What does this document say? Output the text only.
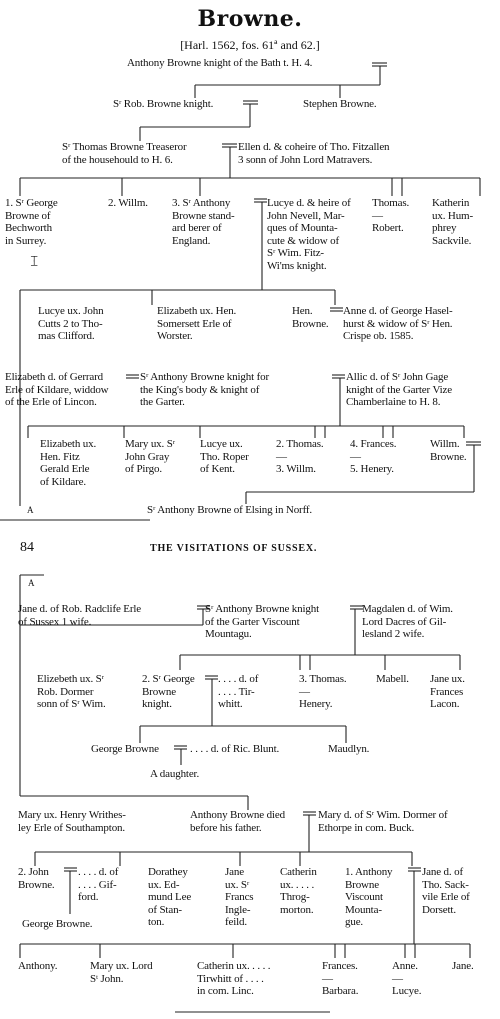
Browne.
[Harl. 1562, fos. 61ª and 62.]
Anthony Browne knight of the Bath t. H. 4.
Sʳ Rob. Browne knight.	Stephen Browne.
Sʳ Thomas Browne Treaseror
of the househould to H. 6.
Ellen d. & coheire of Tho. Fitzallen
3 sonn of John Lord Matravers.
1. Sʳ George
Browne of
Bechworth
in Surrey.
2. Willm. 3. Sʳ Anthony
Browne stand-
ard berer of
England.
Lucye d. & heire of
John Nevell, Mar-
ques of Mounta-
cute & widow of
Sʳ Wim. Fitz-
Wi'ms knight.
Thomas.
—
Robert.
Katherin
ux. Hum-
phrey
Sackvile.
┬
┴
Lucye ux. John
Cutts 2 to Tho-
mas Clifford.
Elizabeth ux. Hen.
Somersett Erle of
Worster.
Hen.
Browne.
Anne d. of George Hasel-
hurst & widow of Sʳ Hen.
Crispe ob. 1585.
Elizabeth d. of Gerrard
Erle of Kildare, widdow
of the Erle of Lincon.
Sʳ Anthony Browne knight for
the King's body & knight of
the Garter.
Allic d. of Sʳ John Gage
knight of the Garter Vize
Chamberlaine to H. 8.
Elizabeth ux.
Hen. Fitz
Gerald Erle
of Kildare.
Mary ux. Sʳ
John Gray
of Pirgo.
Lucye ux.
Tho. Roper
of Kent.
2. Thomas.
—
3. Willm.
4. Frances.
—
5. Henery.
Willm.
Browne.
A	Sʳ Anthony Browne of Elsing in Norff.
84	THE VISITATIONS OF SUSSEX.
A
Jane d. of Rob. Radclife Erle
of Sussex 1 wife.
Sʳ Anthony Browne knight
of the Garter Viscount
Mountagu.
Magdalen d. of Wim.
Lord Dacres of Gil-
lesland 2 wife.
Elizebeth ux. Sʳ
Rob. Dormer
sonn of Sʳ Wim.
2. Sʳ George
Browne
knight.
. . . . d. of
. . . . Tir-
whitt.
3. Thomas.
—
Henery.
Mabell. Jane ux.
Frances
Lacon.
George Browne	. . . . d. of Ric. Blunt.	Maudlyn.
A daughter.
Mary ux. Henry Writhes-
ley Erle of Southampton.
Anthony Browne died
before his father.
Mary d. of Sʳ Wim. Dormer of
Ethorpe in com. Buck.
2. John
Browne.
. . . . d. of
. . . . Gif-
ford.
Dorathey
ux. Ed-
mund Lee
of Stan-
ton.
Jane
ux. Sʳ
Francs
Ingle-
feild.
Catherin
ux. . . . .
Throg-
morton.
1. Anthony
Browne
Viscount
Mounta-
gue.
Jane d. of
Tho. Sack-
vile Erle of
Dorsett.
George Browne.
Anthony.	Mary ux. Lord
Sᵗ John.
Catherin ux. . . . .
Tirwhitt of . . . .
in com. Linc.
Frances.
—
Barbara.
Anne.
—
Lucye.
Jane.
